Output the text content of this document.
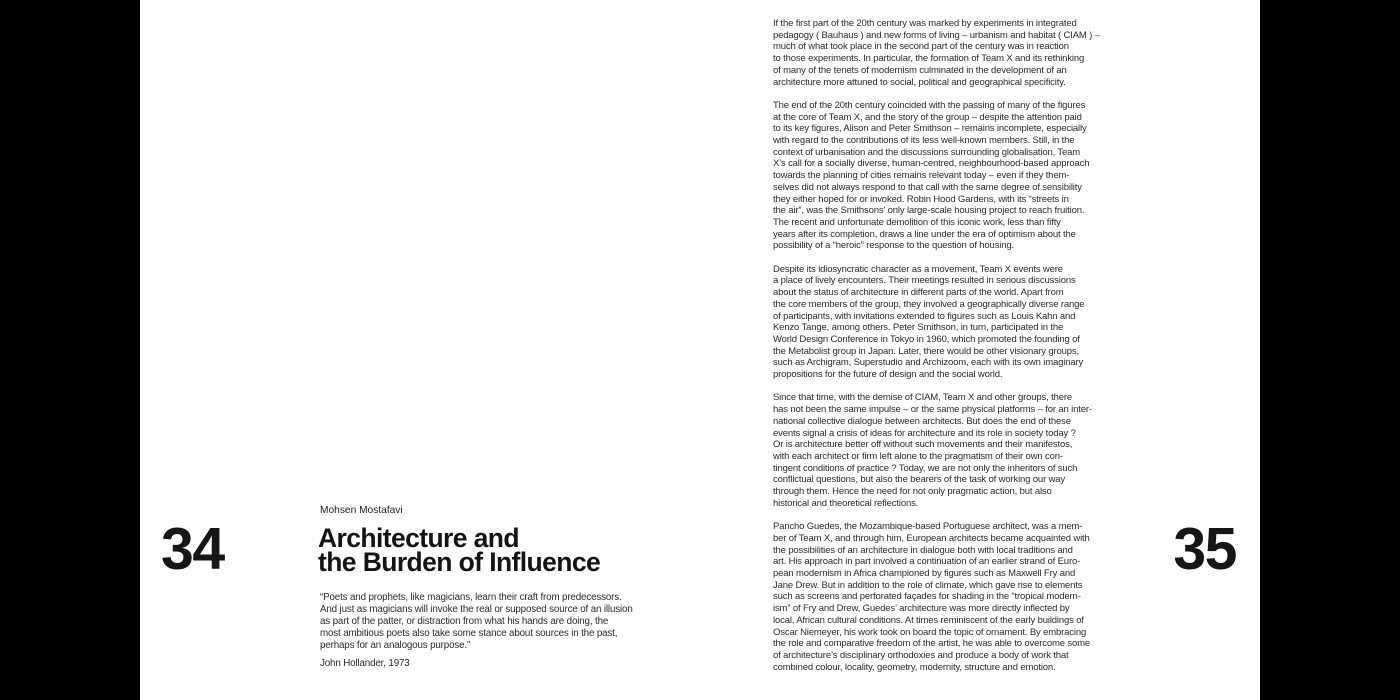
34
Mohsen Mostafavi
Architecture and
the Burden of Influence
“Poets and prophets, like magicians, learn their craft from predecessors.
And just as magicians will invoke the real or supposed source of an illusion
as part of the patter, or distraction from what his hands are doing, the
most ambitious poets also take some stance about sources in the past,
perhaps for an analogous purpose.”
John Hollander, 1973
If the first part of the 20th century was marked by experiments in integrated
pedagogy ( Bauhaus ) and new forms of living – urbanism and habitat ( CIAM ) –
much of what took place in the second part of the century was in reaction
to those experiments. In particular, the formation of Team X and its rethinking
of many of the tenets of modernism culminated in the development of an
architecture more attuned to social, political and geographical specificity.
The end of the 20th century coincided with the passing of many of the figures
at the core of Team X, and the story of the group – despite the attention paid
to its key figures, Alison and Peter Smithson – remains incomplete, especially
with regard to the contributions of its less well-known members. Still, in the
context of urbanisation and the discussions surrounding globalisation, Team
X’s call for a socially diverse, human-centred, neighbourhood-based approach
towards the planning of cities remains relevant today – even if they them-
selves did not always respond to that call with the same degree of sensibility
they either hoped for or invoked. Robin Hood Gardens, with its “streets in
the air”, was the Smithsons’ only large-scale housing project to reach fruition.
The recent and unfortunate demolition of this iconic work, less than fifty
years after its completion, draws a line under the era of optimism about the
possibility of a “heroic” response to the question of housing.
Despite its idiosyncratic character as a movement, Team X events were
a place of lively encounters. Their meetings resulted in serious discussions
about the status of architecture in different parts of the world. Apart from
the core members of the group, they involved a geographically diverse range
of participants, with invitations extended to figures such as Louis Kahn and
Kenzo Tange, among others. Peter Smithson, in turn, participated in the
World Design Conference in Tokyo in 1960, which promoted the founding of
the Metabolist group in Japan. Later, there would be other visionary groups,
such as Archigram, Superstudio and Archizoom, each with its own imaginary
propositions for the future of design and the social world.
Since that time, with the demise of CIAM, Team X and other groups, there
has not been the same impulse – or the same physical platforms – for an inter-
national collective dialogue between architects. But does the end of these
events signal a crisis of ideas for architecture and its role in society today ?
Or is architecture better off without such movements and their manifestos,
with each architect or firm left alone to the pragmatism of their own con-
tingent conditions of practice ? Today, we are not only the inheritors of such
conflictual questions, but also the bearers of the task of working our way
through them. Hence the need for not only pragmatic action, but also
historical and theoretical reflections.
Pancho Guedes, the Mozambique-based Portuguese architect, was a mem-
ber of Team X, and through him, European architects became acquainted with
the possibilities of an architecture in dialogue both with local traditions and
art. His approach in part involved a continuation of an earlier strand of Euro-
pean modernism in Africa championed by figures such as Maxwell Fry and
Jane Drew. But in addition to the role of climate, which gave rise to elements
such as screens and perforated façades for shading in the “tropical modern-
ism” of Fry and Drew, Guedes’ architecture was more directly inflected by
local, African cultural conditions. At times reminiscent of the early buildings of
Oscar Niemeyer, his work took on board the topic of ornament. By embracing
the role and comparative freedom of the artist, he was able to overcome some
of architecture’s disciplinary orthodoxies and produce a body of work that
combined colour, locality, geometry, modernity, structure and emotion.
35
